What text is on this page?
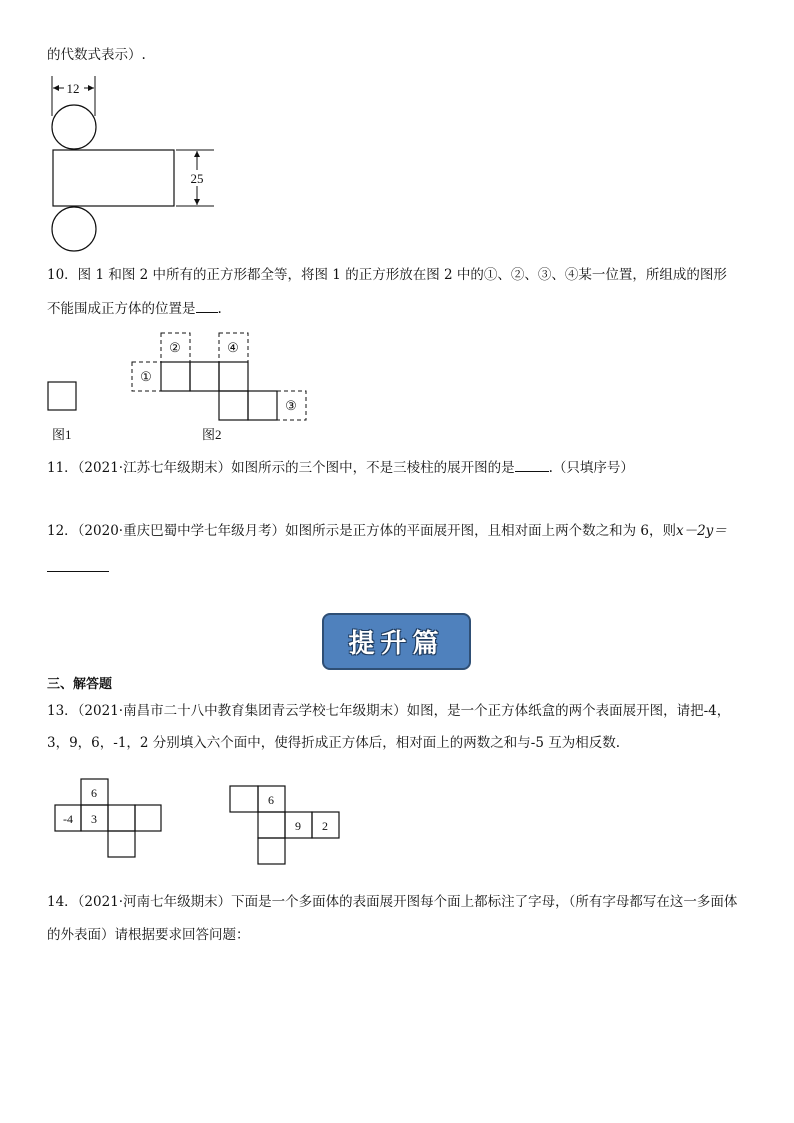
的代数式表示）.
12
25
10．图 1 和图 2 中所有的正方形都全等，将图 1 的正方形放在图 2 中的①、②、③、④某一位置，所组成的图形
不能围成正方体的位置是 .
图1
①
②	④
③
图2
11．（2021·江苏七年级期末）如图所示的三个图中，不是三棱柱的展开图的是	.（只填序号）
12．（2020·重庆巴蜀中学七年级月考）如图所示是正方体的平面展开图，且相对面上两个数之和为 6，则x－2y＝
提升篇
三、解答题
13．（2021·南昌市二十八中教育集团青云学校七年级期末）如图，是一个正方体纸盒的两个表面展开图，请把-4，
3，9，6，-1，2 分别填入六个面中，使得折成正方体后，相对面上的两数之和与-5 互为相反数.
6
-4 3
6
9 2
14．（2021·河南七年级期末）下面是一个多面体的表面展开图每个面上都标注了字母，（所有字母都写在这一多面体
的外表面）请根据要求回答问题：
